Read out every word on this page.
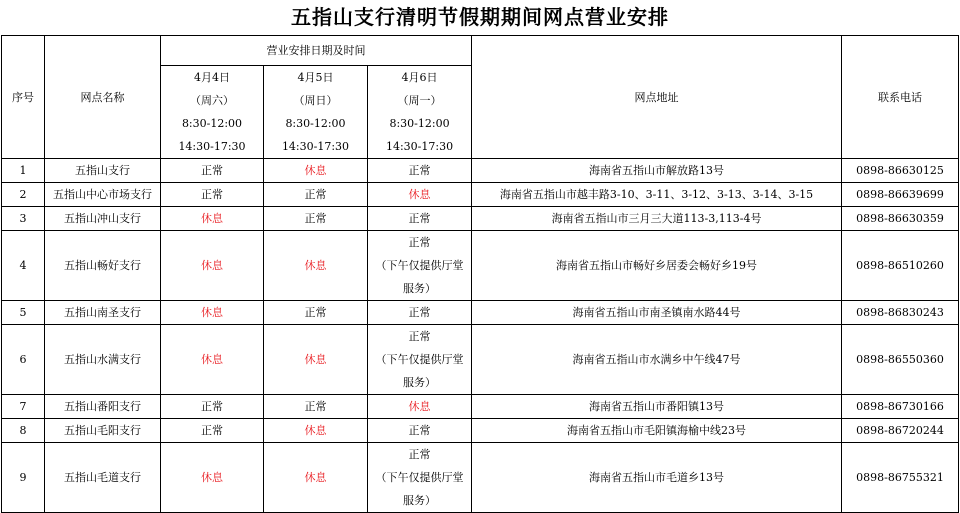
五指山支行清明节假期期间网点营业安排
序号	网点名称	营业安排日期及时间			网点地址	联系电话

		4月4日
（周六）
8:30-12:00
14:30-17:30	4月5日
（周日）
8:30-12:00
14:30-17:30	4月6日
（周一）
8:30-12:00
14:30-17:30		

1	五指山支行	正常	休息	正常	海南省五指山市解放路13号	0898-86630125
2	五指山中心市场支行	正常	正常	休息	海南省五指山市越丰路3-10、3-11、3-12、3-13、3-14、3-15	0898-86639699
3	五指山冲山支行	休息	正常	正常	海南省五指山市三月三大道113-3,113-4号	0898-86630359
4	五指山畅好支行	休息	休息	正常
（下午仅提供厅堂
服务）	海南省五指山市畅好乡居委会畅好乡19号	0898-86510260
5	五指山南圣支行	休息	正常	正常	海南省五指山市南圣镇南水路44号	0898-86830243
6	五指山水满支行	休息	休息	正常
（下午仅提供厅堂
服务）	海南省五指山市水满乡中午线47号	0898-86550360
7	五指山番阳支行	正常	正常	休息	海南省五指山市番阳镇13号	0898-86730166
8	五指山毛阳支行	正常	休息	正常	海南省五指山市毛阳镇海榆中线23号	0898-86720244
9	五指山毛道支行	休息	休息	正常
（下午仅提供厅堂
服务）	海南省五指山市毛道乡13号	0898-86755321
